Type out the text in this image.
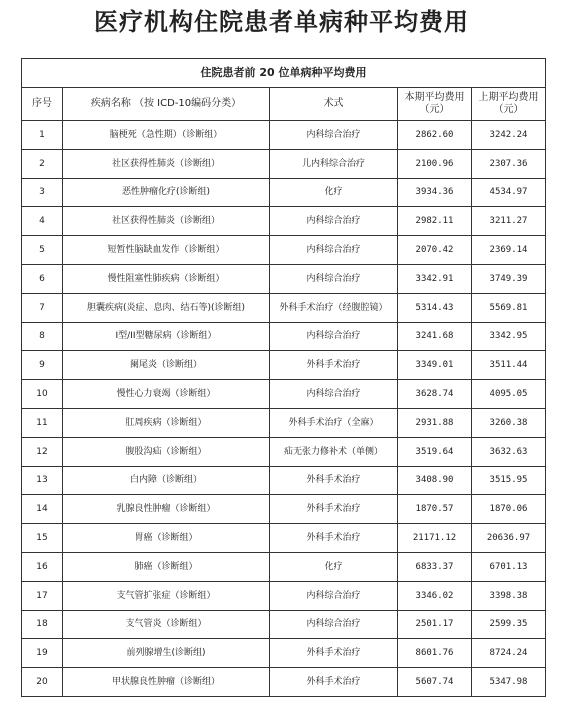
医疗机构住院患者单病种平均费用
住院患者前 20 位单病种平均费用				
序号	疾病名称 （按 ICD-10编码分类）	术式	本期平均费用（元）	上期平均费用（元）
1	脑梗死（急性期）（诊断组）	内科综合治疗	2862.60	3242.24
2	社区获得性肺炎（诊断组）	儿内科综合治疗	2100.96	2307.36
3	恶性肿瘤化疗(诊断组)	化疗	3934.36	4534.97
4	社区获得性肺炎（诊断组）	内科综合治疗	2982.11	3211.27
5	短暂性脑缺血发作（诊断组）	内科综合治疗	2070.42	2369.14
6	慢性阻塞性肺疾病（诊断组）	内科综合治疗	3342.91	3749.39
7	胆囊疾病(炎症、息肉、结石等)(诊断组)	外科手术治疗（经腹腔镜）	5314.43	5569.81
8	I型/II型糖尿病（诊断组）	内科综合治疗	3241.68	3342.95
9	阑尾炎（诊断组）	外科手术治疗	3349.01	3511.44
10	慢性心力衰竭（诊断组）	内科综合治疗	3628.74	4095.05
11	肛周疾病（诊断组）	外科手术治疗（全麻）	2931.88	3260.38
12	腹股沟疝（诊断组）	疝无张力修补术（单侧）	3519.64	3632.63
13	白内障（诊断组）	外科手术治疗	3408.90	3515.95
14	乳腺良性肿瘤（诊断组）	外科手术治疗	1870.57	1870.06
15	胃癌（诊断组）	外科手术治疗	21171.12	20636.97
16	肺癌（诊断组）	化疗	6833.37	6701.13
17	支气管扩张症（诊断组）	内科综合治疗	3346.02	3398.38
18	支气管炎（诊断组）	内科综合治疗	2501.17	2599.35
19	前列腺增生(诊断组)	外科手术治疗	8601.76	8724.24
20	甲状腺良性肿瘤（诊断组）	外科手术治疗	5607.74	5347.98
